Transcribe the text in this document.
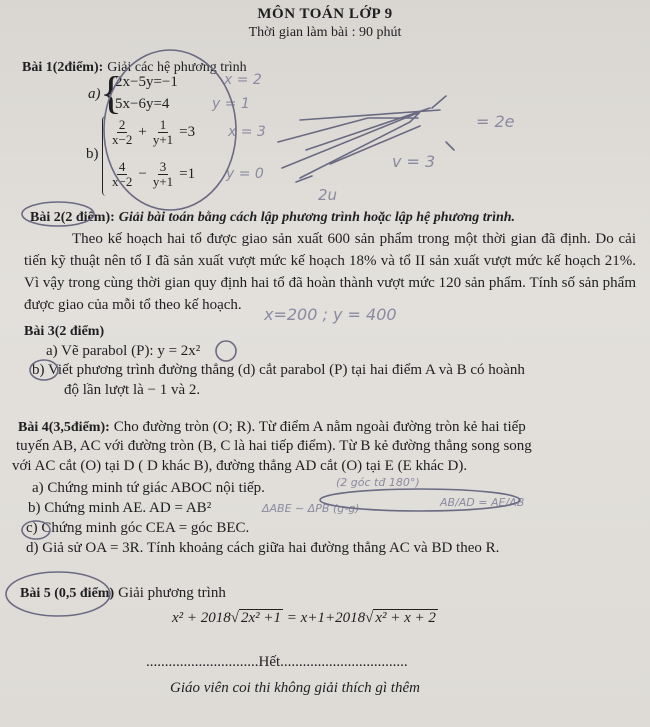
MÔN TOÁN LỚP 9
Thời gian làm bài : 90 phút
Bài 1(2điểm): Giải các hệ phương trình
a) {
2x−5y=−1
5x−6y=4
b)
$\frac{2}{x-2} + \frac{1}{y+1} =3$
$\frac{4}{x-2} - \frac{3}{y+1} =1$
x = 2
y = 1
x = 3
y = 0
= 2e
v = 3
2u
Bài 2(2 điểm): Giải bài toán bằng cách lập phương trình hoặc lập hệ phương trình.
Theo kế hoạch hai tổ được giao sản xuất 600 sản phẩm trong một thời gian đã định. Do cải tiến kỹ thuật nên tổ I đã sản xuất vượt mức kế hoạch 18% và tổ II sản xuất vượt mức kế hoạch 21%. Vì vậy trong cùng thời gian quy định hai tổ đã hoàn thành vượt mức 120 sản phẩm. Tính số sản phẩm được giao của mỗi tổ theo kế hoạch.	x=200 ; y = 400
Bài 3(2 điểm)
a) Vẽ parabol (P): y = 2x²
b) Viết phương trình đường thẳng (d) cắt parabol (P) tại hai điểm A và B có hoành
độ lần lượt là − 1 và 2.
Bài 4(3,5điểm): Cho đường tròn (O; R). Từ điểm A nằm ngoài đường tròn kẻ hai tiếp
tuyến AB, AC với đường tròn (B, C là hai tiếp điểm). Từ B kẻ đường thẳng song song
với AC cắt (O) tại D ( D khác B), đường thẳng AD cắt (O) tại E (E khác D).
a) Chứng minh tứ giác ABOC nội tiếp.
b) Chứng minh AE. AD = AB²
c) Chứng minh góc CEA = góc BEC.
d) Giả sử OA = 3R. Tính khoảng cách giữa hai đường thẳng AC và BD theo R.
(2 góc tđ 180°)
ΔABE ∼ ΔPB (g-g)	AB/AD = AE/AB
Bài 5 (0,5 điểm) Giải phương trình
x² + 2018√ 2x² +1 = x+1+2018√ x² + x + 2
..............................Hết..................................
Giáo viên coi thi không giải thích gì thêm
